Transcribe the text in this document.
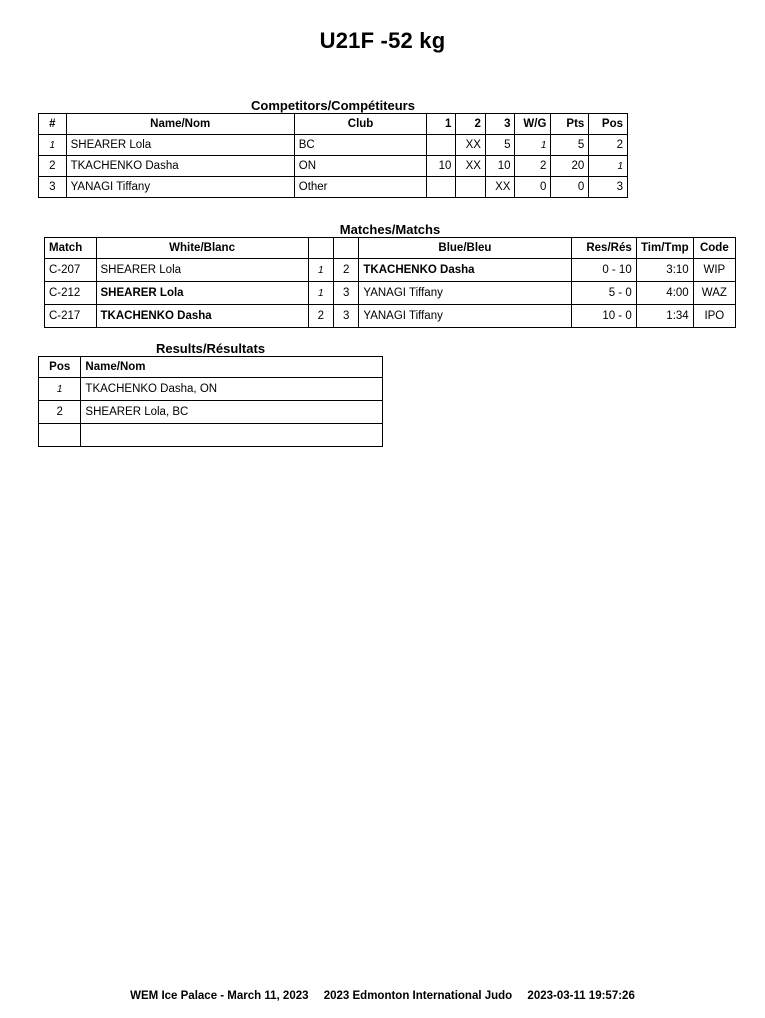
U21F -52 kg
Competitors/Compétiteurs
#	Name/Nom	Club	1	2	3	W/G	Pts	Pos
1	SHEARER Lola	BC		XX	5	1	5	2
2	TKACHENKO Dasha	ON	10	XX	10	2	20	1
3	YANAGI Tiffany	Other			XX	0	0	3
Matches/Matchs
Match	White/Blanc			Blue/Bleu	Res/Rés	Tim/Tmp	Code
C-207	SHEARER Lola	1	2	TKACHENKO Dasha	0 - 10	3:10	WIP
C-212	SHEARER Lola	1	3	YANAGI Tiffany	5 - 0	4:00	WAZ
C-217	TKACHENKO Dasha	2	3	YANAGI Tiffany	10 - 0	1:34	IPO
Results/Résultats
Pos	Name/Nom
1	TKACHENKO Dasha, ON
2	SHEARER Lola, BC

WEM Ice Palace - March 11, 2023 2023 Edmonton International Judo 2023-03-11 19:57:26
